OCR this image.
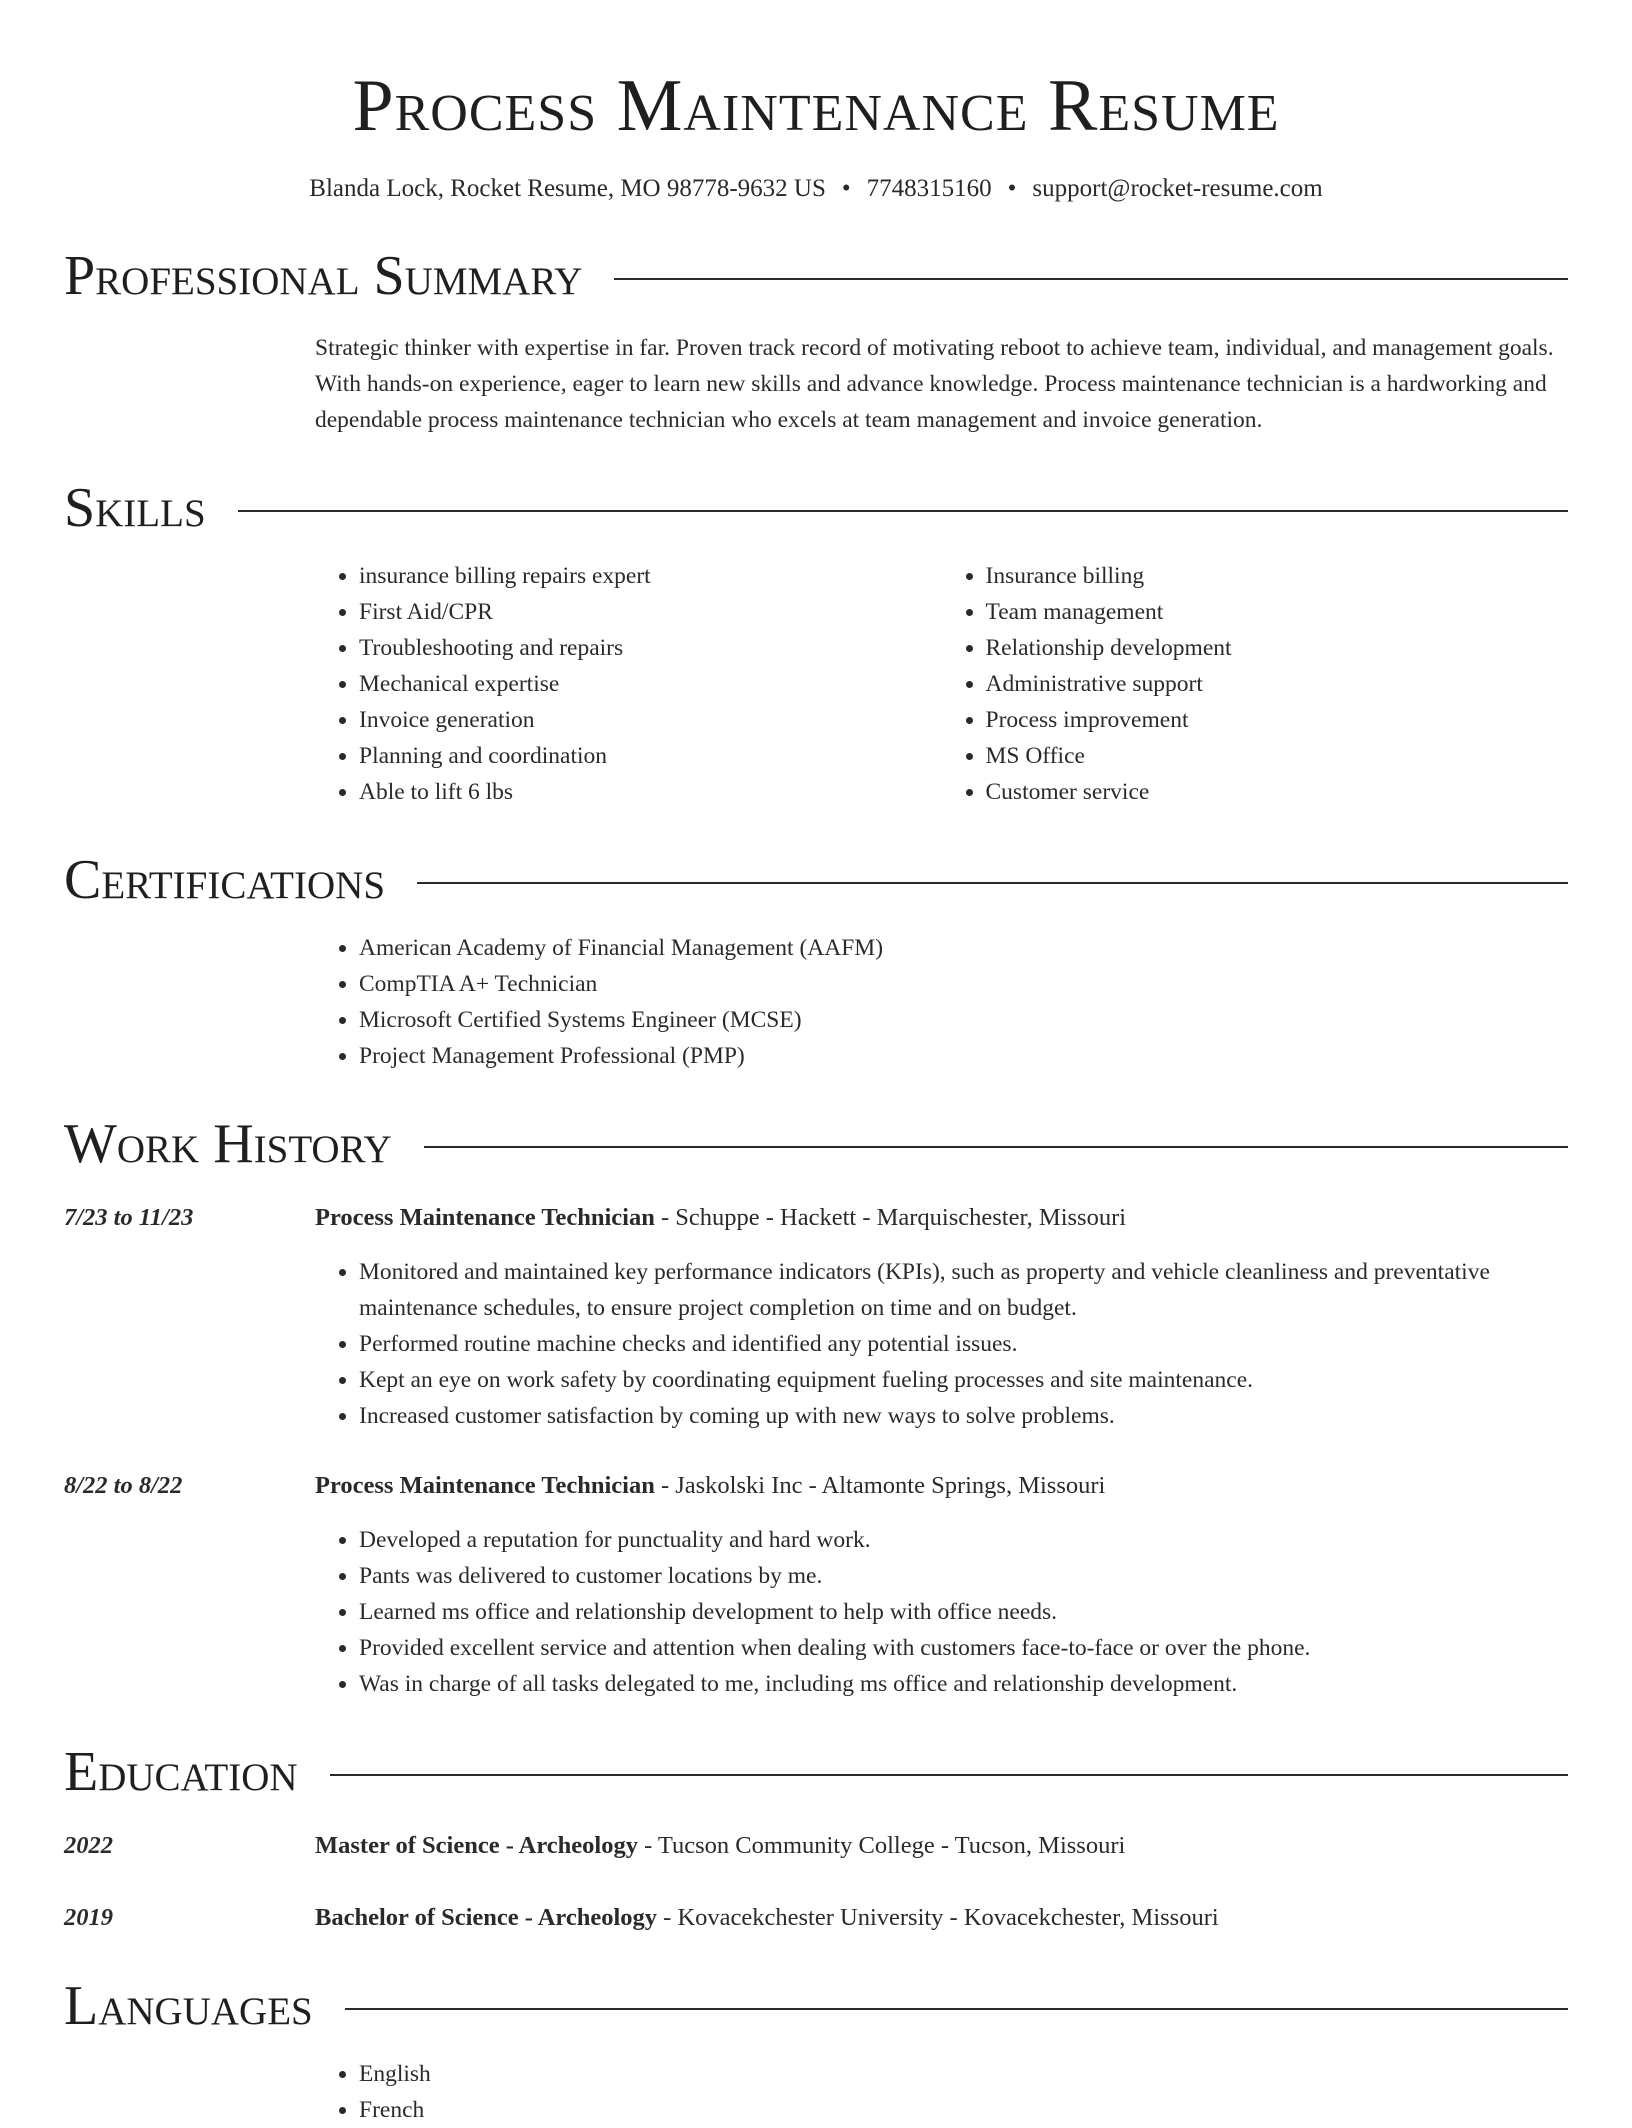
Process Maintenance Resume
Blanda Lock, Rocket Resume, MO 98778-9632 US • 7748315160 • support@rocket-resume.com
Professional Summary
Strategic thinker with expertise in far. Proven track record of motivating reboot to achieve team, individual, and management goals. With hands-on experience, eager to learn new skills and advance knowledge. Process maintenance technician is a hardworking and dependable process maintenance technician who excels at team management and invoice generation.
Skills
• insurance billing repairs expert
• First Aid/CPR
• Troubleshooting and repairs
• Mechanical expertise
• Invoice generation
• Planning and coordination
• Able to lift 6 lbs
• Insurance billing
• Team management
• Relationship development
• Administrative support
• Process improvement
• MS Office
• Customer service
Certifications
• American Academy of Financial Management (AAFM)
• CompTIA A+ Technician
• Microsoft Certified Systems Engineer (MCSE)
• Project Management Professional (PMP)
Work History
7/23 to 11/23	Process Maintenance Technician - Schuppe - Hackett - Marquischester, Missouri
• Monitored and maintained key performance indicators (KPIs), such as property and vehicle cleanliness and preventative maintenance schedules, to ensure project completion on time and on budget.
• Performed routine machine checks and identified any potential issues.
• Kept an eye on work safety by coordinating equipment fueling processes and site maintenance.
• Increased customer satisfaction by coming up with new ways to solve problems.
8/22 to 8/22	Process Maintenance Technician - Jaskolski Inc - Altamonte Springs, Missouri
• Developed a reputation for punctuality and hard work.
• Pants was delivered to customer locations by me.
• Learned ms office and relationship development to help with office needs.
• Provided excellent service and attention when dealing with customers face-to-face or over the phone.
• Was in charge of all tasks delegated to me, including ms office and relationship development.
Education
2022	Master of Science - Archeology - Tucson Community College - Tucson, Missouri
2019	Bachelor of Science - Archeology - Kovacekchester University - Kovacekchester, Missouri
Languages
• English
• French
